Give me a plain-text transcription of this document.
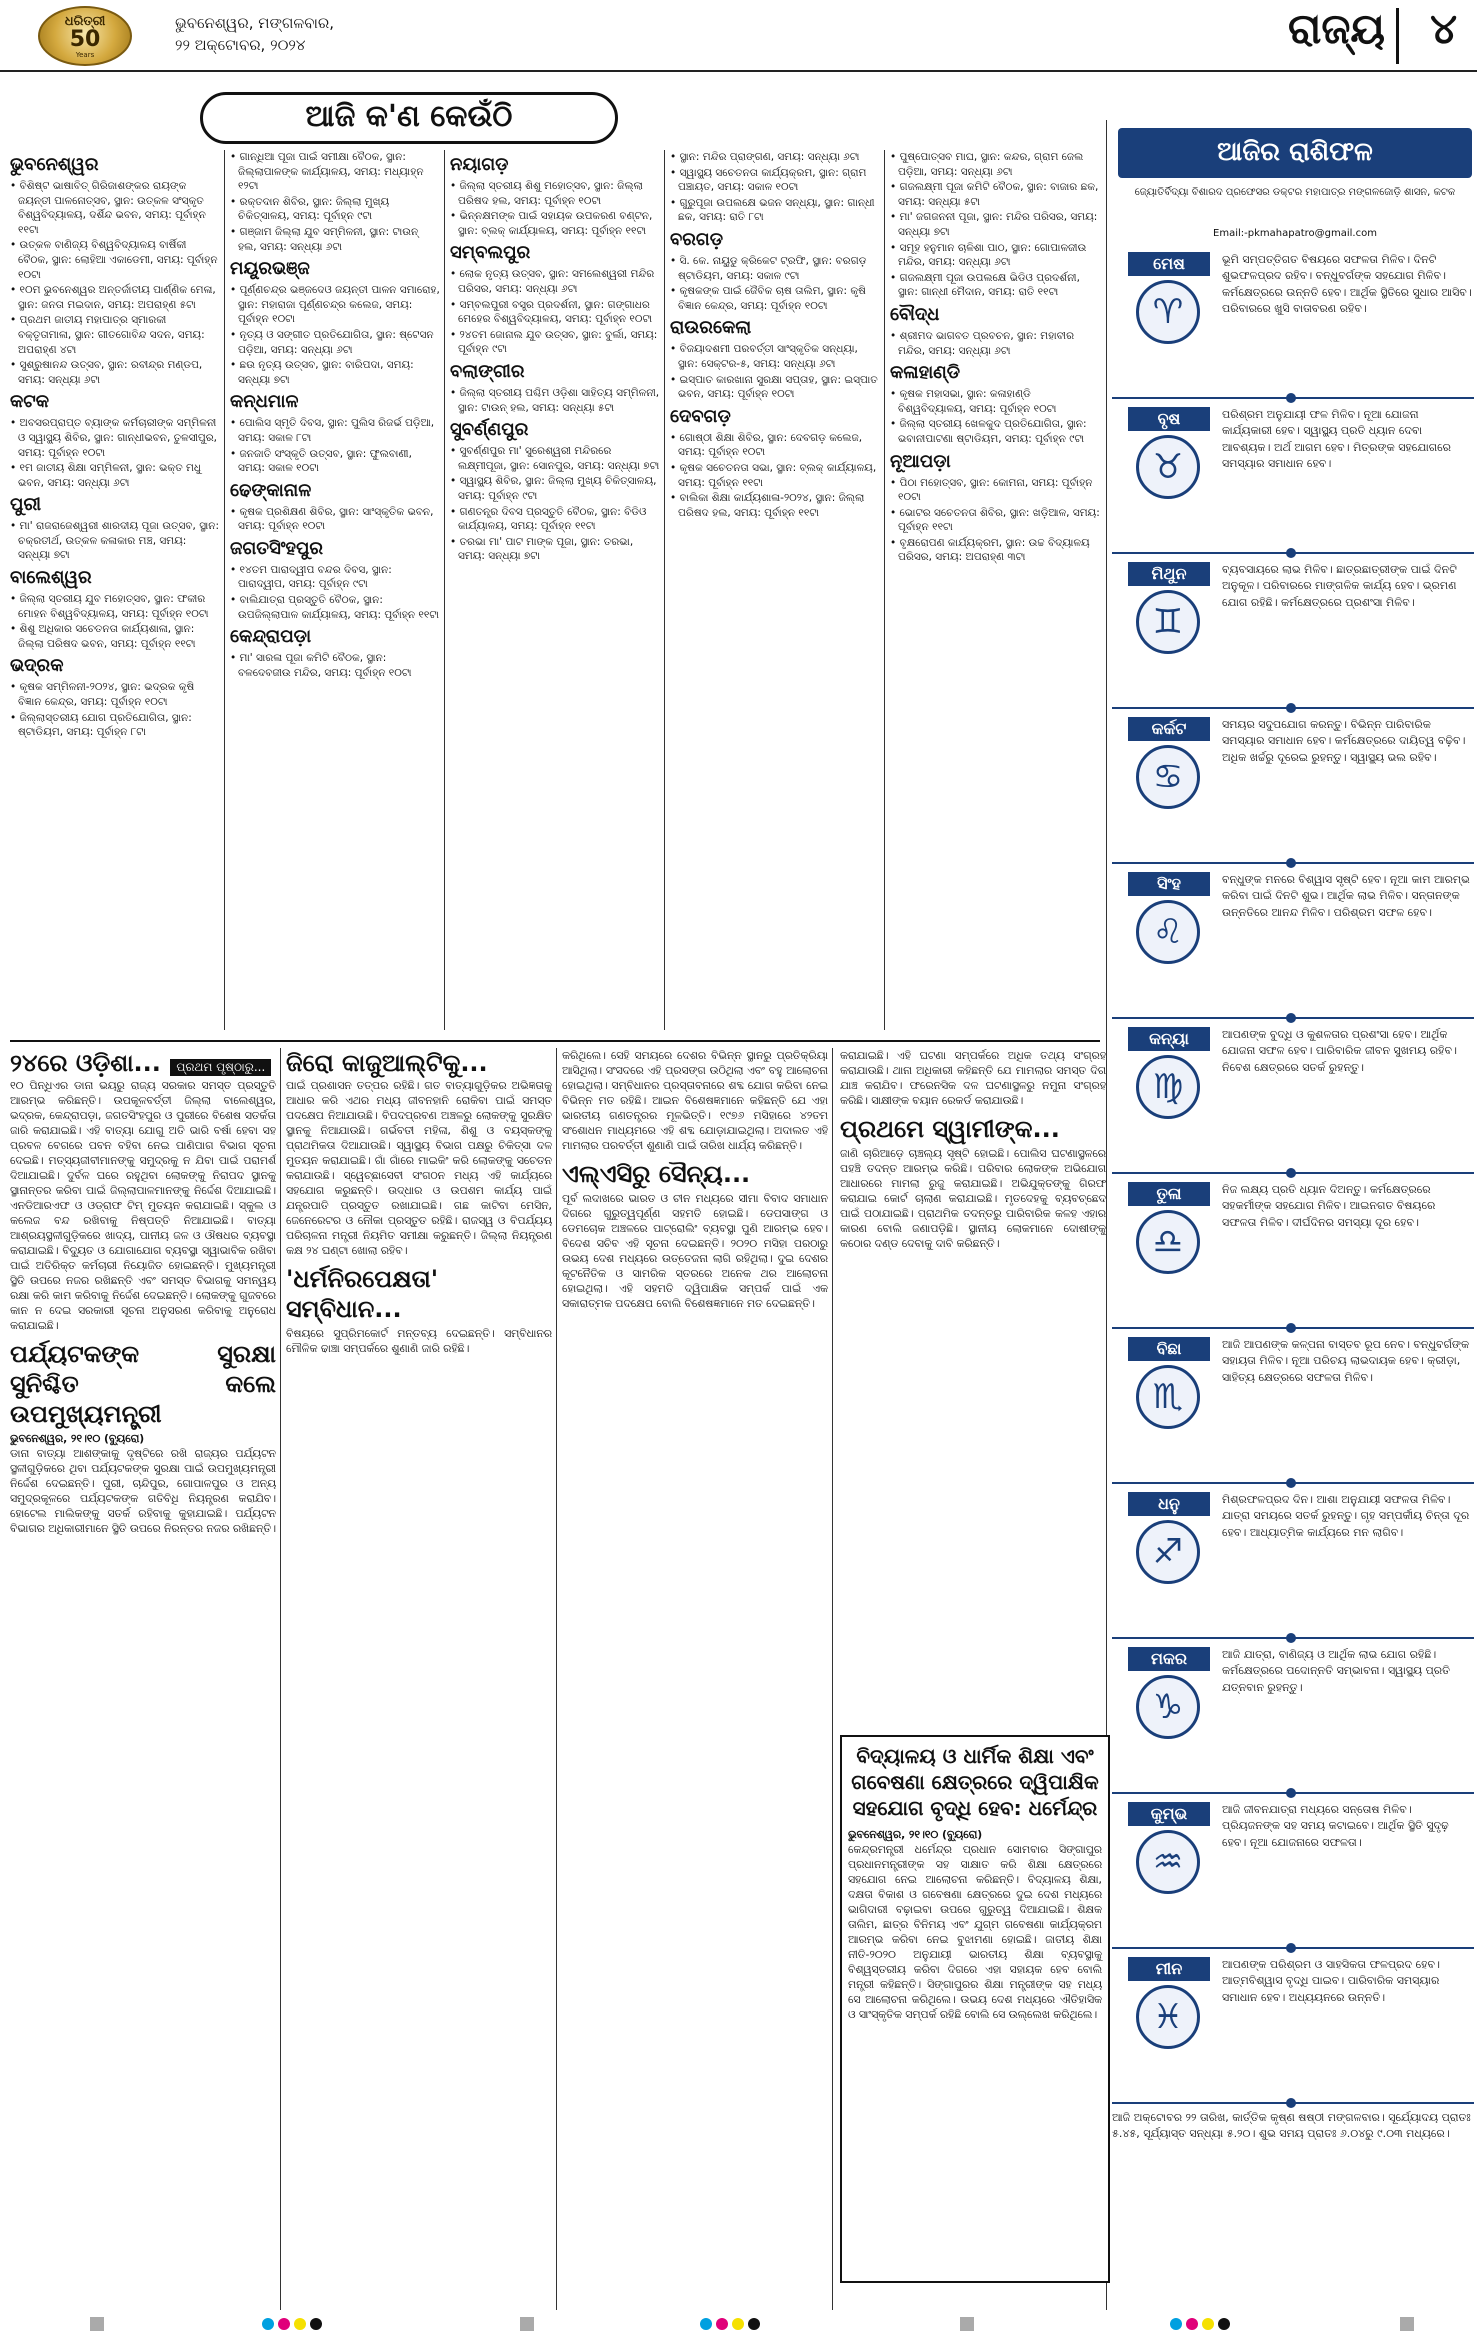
ଧରିତ୍ରୀ
50
Years
ଭୁବନେଶ୍ୱର, ମଙ୍ଗଳବାର,
୨୨ ଅକ୍ଟୋବର, ୨୦୨୪	ରାଜ୍ୟ ୪
ଆଜି କ'ଣ କେଉଁଠି
ଭୁବନେଶ୍ୱର
• ବିଶିଷ୍ଟ ଭାଷାବିତ୍ ଗିରିଜାଶଙ୍କର ରାୟଙ୍କ ଜୟନ୍ତୀ ପାଳନୋତ୍ସବ, ସ୍ଥାନ: ଉତ୍କଳ ସଂସ୍କୃତ ବିଶ୍ୱବିଦ୍ୟାଳୟ, ଦର୍ଶିନ୍ଦ ଭବନ, ସମୟ: ପୂର୍ବାହ୍ନ ୧୧ଟା
• ଉତ୍କଳ ବାଣିଜ୍ୟ ବିଶ୍ୱବିଦ୍ୟାଳୟ ବାର୍ଷିକୀ ବୈଠକ, ସ୍ଥାନ: ଲୋହିଆ ଏକାଡେମୀ, ସମୟ: ପୂର୍ବାହ୍ନ ୧୦ଟା
• ୧୦ମ ଭୁବନେଶ୍ୱର ଅନ୍ତର୍ଜାତୀୟ ପାର୍ଣ୍ଣିକ ମେଳା, ସ୍ଥାନ: ଜନତା ମଇଦାନ, ସମୟ: ଅପରାହ୍ଣ ୫ଟା
• ପ୍ରଥମ ଜାତୀୟ ମହାପାତ୍ର ସ୍ମାରକୀ ବକ୍ତୃତାମାଳା, ସ୍ଥାନ: ଗୀତଗୋବିନ୍ଦ ସଦନ, ସମୟ: ଅପରାହ୍ଣ ୪ଟା
• ସୁଶ୍ରୁଷାନନ୍ଦ ଉତ୍ସବ, ସ୍ଥାନ: ରବୀନ୍ଦ୍ର ମଣ୍ଡପ, ସମୟ: ସନ୍ଧ୍ୟା ୬ଟା
କଟକ
• ଅବସରପ୍ରାପ୍ତ ବ୍ୟାଙ୍କ କର୍ମଚାରୀଙ୍କ ସମ୍ମିଳନୀ ଓ ସ୍ୱାସ୍ଥ୍ୟ ଶିବିର, ସ୍ଥାନ: ଗାନ୍ଧୀଭବନ, ତୁଳସୀପୁର, ସମୟ: ପୂର୍ବାହ୍ନ ୧୦ଟା
• ୧ମ ଜାତୀୟ ଶିକ୍ଷା ସମ୍ମିଳନୀ, ସ୍ଥାନ: ଭକ୍ତ ମଧୁ ଭବନ, ସମୟ: ସନ୍ଧ୍ୟା ୬ଟା
ପୁରୀ
• ମା' ରାଜରାଜେଶ୍ୱରୀ ଶାରଦୀୟ ପୂଜା ଉତ୍ସବ, ସ୍ଥାନ: ଚକ୍ରତୀର୍ଥ, ଉତ୍କଳ କଳାକାର ମଞ୍ଚ, ସମୟ: ସନ୍ଧ୍ୟା ୭ଟା
ବାଲେଶ୍ୱର
• ଜିଲ୍ଲା ସ୍ତରୀୟ ଯୁବ ମହୋତ୍ସବ, ସ୍ଥାନ: ଫକୀର ମୋହନ ବିଶ୍ୱବିଦ୍ୟାଳୟ, ସମୟ: ପୂର୍ବାହ୍ନ ୧୦ଟା
• ଶିଶୁ ଅଧିକାର ସଚେତନତା କାର୍ଯ୍ୟଶାଳା, ସ୍ଥାନ: ଜିଲ୍ଲା ପରିଷଦ ଭବନ, ସମୟ: ପୂର୍ବାହ୍ନ ୧୧ଟା
ଭଦ୍ରକ
• କୃଷକ ସମ୍ମିଳନୀ-୨୦୨୪, ସ୍ଥାନ: ଭଦ୍ରକ କୃଷି ବିଜ୍ଞାନ କେନ୍ଦ୍ର, ସମୟ: ପୂର୍ବାହ୍ନ ୧୦ଟା
• ଜିଲ୍ଲାସ୍ତରୀୟ ଯୋଗ ପ୍ରତିଯୋଗିତା, ସ୍ଥାନ: ଷ୍ଟାଡିୟମ, ସମୟ: ପୂର୍ବାହ୍ନ ୮ଟା
• ଗାନ୍ଧିଆ ପୂଜା ପାଇଁ ସମୀକ୍ଷା ବୈଠକ, ସ୍ଥାନ: ଜିଲ୍ଲାପାଳଙ୍କ କାର୍ଯ୍ୟାଳୟ, ସମୟ: ମଧ୍ୟାହ୍ନ ୧୨ଟା
• ରକ୍ତଦାନ ଶିବିର, ସ୍ଥାନ: ଜିଲ୍ଲା ମୁଖ୍ୟ ଚିକିତ୍ସାଳୟ, ସମୟ: ପୂର୍ବାହ୍ନ ୯ଟା
• ଗଞ୍ଜାମ ଜିଲ୍ଲା ଯୁବ ସମ୍ମିଳନୀ, ସ୍ଥାନ: ଟାଉନ୍ ହଲ, ସମୟ: ସନ୍ଧ୍ୟା ୬ଟା
ମୟୂରଭଞ୍ଜ
• ପୂର୍ଣ୍ଣଚନ୍ଦ୍ର ଭଞ୍ଜଦେଓ ଜୟନ୍ତୀ ପାଳନ ସମାରୋହ, ସ୍ଥାନ: ମହାରାଜା ପୂର୍ଣ୍ଣଚନ୍ଦ୍ର କଲେଜ, ସମୟ: ପୂର୍ବାହ୍ନ ୧୦ଟା
• ନୃତ୍ୟ ଓ ସଙ୍ଗୀତ ପ୍ରତିଯୋଗିତା, ସ୍ଥାନ: ଷ୍ଟେସନ ପଡ଼ିଆ, ସମୟ: ସନ୍ଧ୍ୟା ୬ଟା
• ଛଉ ନୃତ୍ୟ ଉତ୍ସବ, ସ୍ଥାନ: ବାରିପଦା, ସମୟ: ସନ୍ଧ୍ୟା ୭ଟା
କନ୍ଧମାଳ
• ପୋଲିସ ସ୍ମୃତି ଦିବସ, ସ୍ଥାନ: ପୁଲିସ ରିଜର୍ଭ ପଡ଼ିଆ, ସମୟ: ସକାଳ ୮ଟା
• ଜନଜାତି ସଂସ୍କୃତି ଉତ୍ସବ, ସ୍ଥାନ: ଫୁଲବାଣୀ, ସମୟ: ସକାଳ ୧୦ଟା
ଢେଙ୍କାନାଳ
• କୃଷକ ପ୍ରଶିକ୍ଷଣ ଶିବିର, ସ୍ଥାନ: ସାଂସ୍କୃତିକ ଭବନ, ସମୟ: ପୂର୍ବାହ୍ନ ୧୦ଟା
ଜଗତସିଂହପୁର
• ୧୪ତମ ପାରାଦ୍ୱୀପ ବନ୍ଦର ଦିବସ, ସ୍ଥାନ: ପାରାଦ୍ୱୀପ, ସମୟ: ପୂର୍ବାହ୍ନ ୯ଟା
• ବାଲିଯାତ୍ରା ପ୍ରସ୍ତୁତି ବୈଠକ, ସ୍ଥାନ: ଉପଜିଲ୍ଲାପାଳ କାର୍ଯ୍ୟାଳୟ, ସମୟ: ପୂର୍ବାହ୍ନ ୧୧ଟା
କେନ୍ଦ୍ରାପଡ଼ା
• ମା' ସାରଳା ପୂଜା କମିଟି ବୈଠକ, ସ୍ଥାନ: ବଳଦେବଜୀଉ ମନ୍ଦିର, ସମୟ: ପୂର୍ବାହ୍ନ ୧୦ଟା
ନୟାଗଡ଼
• ଜିଲ୍ଲା ସ୍ତରୀୟ ଶିଶୁ ମହୋତ୍ସବ, ସ୍ଥାନ: ଜିଲ୍ଲା ପରିଷଦ ହଲ, ସମୟ: ପୂର୍ବାହ୍ନ ୧୦ଟା
• ଭିନ୍ନକ୍ଷମଙ୍କ ପାଇଁ ସହାୟକ ଉପକରଣ ବଣ୍ଟନ, ସ୍ଥାନ: ବ୍ଲକ୍ କାର୍ଯ୍ୟାଳୟ, ସମୟ: ପୂର୍ବାହ୍ନ ୧୧ଟା
ସମ୍ବଲପୁର
• ଲୋକ ନୃତ୍ୟ ଉତ୍ସବ, ସ୍ଥାନ: ସମଲେଶ୍ୱରୀ ମନ୍ଦିର ପରିସର, ସମୟ: ସନ୍ଧ୍ୟା ୬ଟା
• ସମ୍ବଲପୁରୀ ବସ୍ତ୍ର ପ୍ରଦର୍ଶନୀ, ସ୍ଥାନ: ଗଙ୍ଗାଧର ମେହେର ବିଶ୍ୱବିଦ୍ୟାଳୟ, ସମୟ: ପୂର୍ବାହ୍ନ ୧୦ଟା
• ୨୪ତମ ଜୋନାଲ ଯୁବ ଉତ୍ସବ, ସ୍ଥାନ: ବୁର୍ଲା, ସମୟ: ପୂର୍ବାହ୍ନ ୯ଟା
ବଲାଙ୍ଗୀର
• ଜିଲ୍ଲା ସ୍ତରୀୟ ପଶ୍ଚିମ ଓଡ଼ିଶା ସାହିତ୍ୟ ସମ୍ମିଳନୀ, ସ୍ଥାନ: ଟାଉନ୍ ହଲ, ସମୟ: ସନ୍ଧ୍ୟା ୫ଟା
ସୁବର୍ଣ୍ଣପୁର
• ସୁବର୍ଣ୍ଣପୁର ମା' ସୁରେଶ୍ୱରୀ ମନ୍ଦିରରେ ଲକ୍ଷ୍ମୀପୂଜା, ସ୍ଥାନ: ସୋନପୁର, ସମୟ: ସନ୍ଧ୍ୟା ୭ଟା
• ସ୍ୱାସ୍ଥ୍ୟ ଶିବିର, ସ୍ଥାନ: ଜିଲ୍ଲା ମୁଖ୍ୟ ଚିକିତ୍ସାଳୟ, ସମୟ: ପୂର୍ବାହ୍ନ ୯ଟା
• ଗଣତନ୍ତ୍ର ଦିବସ ପ୍ରସ୍ତୁତି ବୈଠକ, ସ୍ଥାନ: ବିଡିଓ କାର୍ଯ୍ୟାଳୟ, ସମୟ: ପୂର୍ବାହ୍ନ ୧୧ଟା
• ତରଭା ମା' ପାଟ ମାଙ୍କ ପୂଜା, ସ୍ଥାନ: ତରଭା, ସମୟ: ସନ୍ଧ୍ୟା ୭ଟା
• ସ୍ଥାନ: ମନ୍ଦିର ପ୍ରାଙ୍ଗଣ, ସମୟ: ସନ୍ଧ୍ୟା ୬ଟା
• ସ୍ୱାସ୍ଥ୍ୟ ସଚେତନତା କାର୍ଯ୍ୟକ୍ରମ, ସ୍ଥାନ: ଗ୍ରାମ ପଞ୍ଚାୟତ, ସମୟ: ସକାଳ ୧୦ଟା
• ଗୁରୁପୂଜା ଉପଲକ୍ଷେ ଭଜନ ସନ୍ଧ୍ୟା, ସ୍ଥାନ: ଗାନ୍ଧୀ ଛକ, ସମୟ: ରାତି ୮ଟା
ବରଗଡ଼
• ସି. କେ. ନାୟୁଡୁ କ୍ରିକେଟ ଟ୍ରଫି, ସ୍ଥାନ: ବରଗଡ଼ ଷ୍ଟାଡିୟମ, ସମୟ: ସକାଳ ୯ଟା
• କୃଷକଙ୍କ ପାଇଁ ଜୈବିକ ଚାଷ ତାଲିମ, ସ୍ଥାନ: କୃଷି ବିଜ୍ଞାନ କେନ୍ଦ୍ର, ସମୟ: ପୂର୍ବାହ୍ନ ୧୦ଟା
ରାଉରକେଲା
• ବିଜୟାଦଶମୀ ପରବର୍ତ୍ତୀ ସାଂସ୍କୃତିକ ସନ୍ଧ୍ୟା, ସ୍ଥାନ: ସେକ୍ଟର-୫, ସମୟ: ସନ୍ଧ୍ୟା ୬ଟା
• ଇସ୍ପାତ କାରଖାନା ସୁରକ୍ଷା ସପ୍ତାହ, ସ୍ଥାନ: ଇସ୍ପାତ ଭବନ, ସମୟ: ପୂର୍ବାହ୍ନ ୧୦ଟା
ଦେବଗଡ଼
• ଗୋଷ୍ଠୀ ଶିକ୍ଷା ଶିବିର, ସ୍ଥାନ: ଦେବଗଡ଼ କଲେଜ, ସମୟ: ପୂର୍ବାହ୍ନ ୧୦ଟା
• କୃଷକ ସଚେତନତା ସଭା, ସ୍ଥାନ: ବ୍ଲକ୍ କାର୍ଯ୍ୟାଳୟ, ସମୟ: ପୂର୍ବାହ୍ନ ୧୧ଟା
• ବାଲିକା ଶିକ୍ଷା କାର୍ଯ୍ୟଶାଳା-୨୦୨୪, ସ୍ଥାନ: ଜିଲ୍ଲା ପରିଷଦ ହଲ, ସମୟ: ପୂର୍ବାହ୍ନ ୧୧ଟା
• ପୁଷ୍ପୋତ୍ସବ ମାଘ, ସ୍ଥାନ: କନ୍ଦର, ଗ୍ରାମ ଜେଲ ପଡ଼ିଆ, ସମୟ: ସନ୍ଧ୍ୟା ୬ଟା
• ଗଜଲକ୍ଷ୍ମୀ ପୂଜା କମିଟି ବୈଠକ, ସ୍ଥାନ: ବାଜାର ଛକ, ସମୟ: ସନ୍ଧ୍ୟା ୫ଟା
• ମା' ଜଗଜନନୀ ପୂଜା, ସ୍ଥାନ: ମନ୍ଦିର ପରିସର, ସମୟ: ସନ୍ଧ୍ୟା ୭ଟା
• ସମୂହ ହନୁମାନ ଚାଳିଶା ପାଠ, ସ୍ଥାନ: ଗୋପାଳଜୀଉ ମନ୍ଦିର, ସମୟ: ସନ୍ଧ୍ୟା ୬ଟା
• ଗଜଲକ୍ଷ୍ମୀ ପୂଜା ଉପଲକ୍ଷେ ଭିଡିଓ ପ୍ରଦର୍ଶନୀ, ସ୍ଥାନ: ଗାନ୍ଧୀ ମୈଦାନ, ସମୟ: ରାତି ୧୧ଟା
ବୌଦ୍ଧ
• ଶ୍ରୀମଦ ଭାଗବତ ପ୍ରବଚନ, ସ୍ଥାନ: ମହାବୀର ମନ୍ଦିର, ସମୟ: ସନ୍ଧ୍ୟା ୬ଟା
କଳାହାଣ୍ଡି
• କୃଷକ ମହାସଭା, ସ୍ଥାନ: କଳାହାଣ୍ଡି ବିଶ୍ୱବିଦ୍ୟାଳୟ, ସମୟ: ପୂର୍ବାହ୍ନ ୧୦ଟା
• ଜିଲ୍ଲା ସ୍ତରୀୟ ଖେଳକୁଦ ପ୍ରତିଯୋଗିତା, ସ୍ଥାନ: ଭବାନୀପାଟଣା ଷ୍ଟାଡିୟମ, ସମୟ: ପୂର୍ବାହ୍ନ ୯ଟା
ନୂଆପଡ଼ା
• ପିଠା ମହୋତ୍ସବ, ସ୍ଥାନ: କୋମନା, ସମୟ: ପୂର୍ବାହ୍ନ ୧୦ଟା
• ଭୋଟର ସଚେତନତା ଶିବିର, ସ୍ଥାନ: ଖଡ଼ିଆଳ, ସମୟ: ପୂର୍ବାହ୍ନ ୧୧ଟା
• ବୃକ୍ଷରୋପଣ କାର୍ଯ୍ୟକ୍ରମ, ସ୍ଥାନ: ଉଚ୍ଚ ବିଦ୍ୟାଳୟ ପରିସର, ସମୟ: ଅପରାହ୍ଣ ୩ଟା
ଆଜିର ରାଶିଫଳ
ଜ୍ୟୋତିର୍ବିଦ୍ୟା ବିଶାରଦ ପ୍ରଫେସର ଡକ୍ଟର ମହାପାତ୍ର ମଙ୍ଗଳଜୋଡ଼ି ଶାସନ, କଟକ
Email:-pkmahapatro@gmail.com
ମେଷ
♈
ଭୂମି ସମ୍ପତ୍ତିଗତ ବିଷୟରେ ସଫଳତା ମିଳିବ। ଦିନଟି ଶୁଭଫଳପ୍ରଦ ରହିବ। ବନ୍ଧୁବର୍ଗଙ୍କ ସହଯୋଗ ମିଳିବ। କର୍ମକ୍ଷେତ୍ରରେ ଉନ୍ନତି ହେବ। ଆର୍ଥିକ ସ୍ଥିତିରେ ସୁଧାର ଆସିବ। ପରିବାରରେ ଖୁସି ବାତାବରଣ ରହିବ।
ବୃଷ
♉
ପରିଶ୍ରମ ଅନୁଯାୟୀ ଫଳ ମିଳିବ। ନୂଆ ଯୋଜନା କାର୍ଯ୍ୟକାରୀ ହେବ। ସ୍ୱାସ୍ଥ୍ୟ ପ୍ରତି ଧ୍ୟାନ ଦେବା ଆବଶ୍ୟକ। ଅର୍ଥ ଆଗମ ହେବ। ମିତ୍ରଙ୍କ ସହଯୋଗରେ ସମସ୍ୟାର ସମାଧାନ ହେବ।
ମିଥୁନ
♊
ବ୍ୟବସାୟରେ ଲାଭ ମିଳିବ। ଛାତ୍ରଛାତ୍ରୀଙ୍କ ପାଇଁ ଦିନଟି ଅନୁକୂଳ। ପରିବାରରେ ମାଙ୍ଗଳିକ କାର୍ଯ୍ୟ ହେବ। ଭ୍ରମଣ ଯୋଗ ରହିଛି। କର୍ମକ୍ଷେତ୍ରରେ ପ୍ରଶଂସା ମିଳିବ।
କର୍କଟ
♋
ସମୟର ସଦୁପଯୋଗ କରନ୍ତୁ। ବିଭିନ୍ନ ପାରିବାରିକ ସମସ୍ୟାର ସମାଧାନ ହେବ। କର୍ମକ୍ଷେତ୍ରରେ ଦାୟିତ୍ୱ ବଢ଼ିବ। ଅଧିକ ଖର୍ଚ୍ଚରୁ ଦୂରେଇ ରୁହନ୍ତୁ। ସ୍ୱାସ୍ଥ୍ୟ ଭଲ ରହିବ।
ସିଂହ
♌
ବନ୍ଧୁଙ୍କ ମନରେ ବିଶ୍ୱାସ ସୃଷ୍ଟି ହେବ। ନୂଆ କାମ ଆରମ୍ଭ କରିବା ପାଇଁ ଦିନଟି ଶୁଭ। ଆର୍ଥିକ ଲାଭ ମିଳିବ। ସନ୍ତାନଙ୍କ ଉନ୍ନତିରେ ଆନନ୍ଦ ମିଳିବ। ପରିଶ୍ରମ ସଫଳ ହେବ।
କନ୍ୟା
♍
ଆପଣଙ୍କ ବୁଦ୍ଧି ଓ କୁଶଳତାର ପ୍ରଶଂସା ହେବ। ଆର୍ଥିକ ଯୋଜନା ସଫଳ ହେବ। ପାରିବାରିକ ଜୀବନ ସୁଖମୟ ରହିବ। ନିବେଶ କ୍ଷେତ୍ରରେ ସତର୍କ ରୁହନ୍ତୁ।
ତୁଳା
♎
ନିଜ ଲକ୍ଷ୍ୟ ପ୍ରତି ଧ୍ୟାନ ଦିଅନ୍ତୁ। କର୍ମକ୍ଷେତ୍ରରେ ସହକର୍ମୀଙ୍କ ସହଯୋଗ ମିଳିବ। ଆଇନଗତ ବିଷୟରେ ସଫଳତା ମିଳିବ। ଦୀର୍ଘଦିନର ସମସ୍ୟା ଦୂର ହେବ।
ବିଛା
♏
ଆଜି ଆପଣଙ୍କ କଳ୍ପନା ବାସ୍ତବ ରୂପ ନେବ। ବନ୍ଧୁବର୍ଗଙ୍କ ସହାୟତା ମିଳିବ। ନୂଆ ପରିଚୟ ଲାଭଦାୟକ ହେବ। କ୍ରୀଡ଼ା, ସାହିତ୍ୟ କ୍ଷେତ୍ରରେ ସଫଳତା ମିଳିବ।
ଧନୁ
♐
ମିଶ୍ରଫଳପ୍ରଦ ଦିନ। ଆଶା ଅନୁଯାୟୀ ସଫଳତା ମିଳିବ। ଯାତ୍ରା ସମୟରେ ସତର୍କ ରୁହନ୍ତୁ। ଗୃହ ସମ୍ପର୍କୀୟ ଚିନ୍ତା ଦୂର ହେବ। ଆଧ୍ୟାତ୍ମିକ କାର୍ଯ୍ୟରେ ମନ ଲାଗିବ।
ମକର
♑
ଆଜି ଯାତ୍ରା, ବାଣିଜ୍ୟ ଓ ଆର୍ଥିକ ଲାଭ ଯୋଗ ରହିଛି। କର୍ମକ୍ଷେତ୍ରରେ ପଦୋନ୍ନତି ସମ୍ଭାବନା। ସ୍ୱାସ୍ଥ୍ୟ ପ୍ରତି ଯତ୍ନବାନ ରୁହନ୍ତୁ।
କୁମ୍ଭ
♒
ଆଜି ଜୀବନଯାତ୍ରା ମଧ୍ୟରେ ସନ୍ତୋଷ ମିଳିବ। ପ୍ରିୟଜନଙ୍କ ସହ ସମୟ କଟାଇବେ। ଆର୍ଥିକ ସ୍ଥିତି ସୁଦୃଢ଼ ହେବ। ନୂଆ ଯୋଜନାରେ ସଫଳତା।
ମୀନ
♓
ଆପଣଙ୍କ ପରିଶ୍ରମ ଓ ସାହସିକତା ଫଳପ୍ରଦ ହେବ। ଆତ୍ମବିଶ୍ୱାସ ବୃଦ୍ଧି ପାଇବ। ପାରିବାରିକ ସମସ୍ୟାର ସମାଧାନ ହେବ। ଅଧ୍ୟୟନରେ ଉନ୍ନତି।
ଆଜି ଅକ୍ଟୋବର ୨୨ ତାରିଖ, କାର୍ତ୍ତିକ କୃଷ୍ଣ ଷଷ୍ଠୀ ମଙ୍ଗଳବାର। ସୂର୍ଯ୍ୟୋଦୟ ପ୍ରାତଃ ୫.୪୫, ସୂର୍ଯ୍ୟାସ୍ତ ସନ୍ଧ୍ୟା ୫.୨୦। ଶୁଭ ସମୟ ପ୍ରାତଃ ୬.୦୪ରୁ ୯.୦୩ ମଧ୍ୟରେ।
୨୪ରେ ଓଡ଼ିଶା... ପ୍ରଥମ ପୃଷ୍ଠାରୁ...
୧୦ ପିନ୍ଧିଏର ଡାନା ଭୟରୁ ରାଜ୍ୟ ସରକାର ସମସ୍ତ ପ୍ରସ୍ତୁତି ଆରମ୍ଭ କରିଛନ୍ତି। ଉପକୂଳବର୍ତ୍ତୀ ଜିଲ୍ଲା ବାଲେଶ୍ୱର, ଭଦ୍ରକ, କେନ୍ଦ୍ରାପଡ଼ା, ଜଗତସିଂହପୁର ଓ ପୁରୀରେ ବିଶେଷ ସତର୍କତା ଜାରି କରାଯାଇଛି। ଏହି ବାତ୍ୟା ଯୋଗୁ ଅତି ଭାରି ବର୍ଷା ହେବା ସହ ପ୍ରବଳ ବେଗରେ ପବନ ବହିବା ନେଇ ପାଣିପାଗ ବିଭାଗ ସୂଚନା ଦେଇଛି। ମତ୍ସ୍ୟଜୀବୀମାନଙ୍କୁ ସମୁଦ୍ରକୁ ନ ଯିବା ପାଇଁ ପରାମର୍ଶ ଦିଆଯାଇଛି। ଦୁର୍ବଳ ଘରେ ରହୁଥିବା ଲୋକଙ୍କୁ ନିରାପଦ ସ୍ଥାନକୁ ସ୍ଥାନାନ୍ତର କରିବା ପାଇଁ ଜିଲ୍ଲାପାଳମାନଙ୍କୁ ନିର୍ଦ୍ଦେଶ ଦିଆଯାଇଛି। ଏନଡିଆରଏଫ ଓ ଓଡ୍ରାଫ ଟିମ୍ ମୁତୟନ କରାଯାଇଛି। ସ୍କୁଲ ଓ କଲେଜ ବନ୍ଦ ରଖିବାକୁ ନିଷ୍ପତ୍ତି ନିଆଯାଇଛି। ବାତ୍ୟା ଆଶ୍ରୟସ୍ଥଳୀଗୁଡ଼ିକରେ ଖାଦ୍ୟ, ପାନୀୟ ଜଳ ଓ ଔଷଧର ବ୍ୟବସ୍ଥା କରାଯାଇଛି। ବିଦ୍ୟୁତ ଓ ଯୋଗାଯୋଗ ବ୍ୟବସ୍ଥା ସ୍ୱାଭାବିକ ରଖିବା ପାଇଁ ଅତିରିକ୍ତ କର୍ମଚାରୀ ନିୟୋଜିତ ହୋଇଛନ୍ତି। ମୁଖ୍ୟମନ୍ତ୍ରୀ ସ୍ଥିତି ଉପରେ ନଜର ରଖିଛନ୍ତି ଏବଂ ସମସ୍ତ ବିଭାଗକୁ ସମନ୍ୱୟ ରକ୍ଷା କରି କାମ କରିବାକୁ ନିର୍ଦ୍ଦେଶ ଦେଇଛନ୍ତି। ଲୋକଙ୍କୁ ଗୁଜବରେ କାନ ନ ଦେଇ ସରକାରୀ ସୂଚନା ଅନୁସରଣ କରିବାକୁ ଅନୁରୋଧ କରାଯାଇଛି।
ପର୍ଯ୍ୟଟକଙ୍କ ସୁରକ୍ଷା ସୁନିଶ୍ଚିତ କଲେ ଉପମୁଖ୍ୟମନ୍ତ୍ରୀ
ଭୁବନେଶ୍ୱର, ୨୧।୧୦ (ବ୍ୟୁରୋ)
ଡାନା ବାତ୍ୟା ଆଶଙ୍କାକୁ ଦୃଷ୍ଟିରେ ରଖି ରାଜ୍ୟର ପର୍ଯ୍ୟଟନ ସ୍ଥଳୀଗୁଡ଼ିକରେ ଥିବା ପର୍ଯ୍ୟଟକଙ୍କ ସୁରକ୍ଷା ପାଇଁ ଉପମୁଖ୍ୟମନ୍ତ୍ରୀ ନିର୍ଦ୍ଦେଶ ଦେଇଛନ୍ତି। ପୁରୀ, ଚାନ୍ଦିପୁର, ଗୋପାଳପୁର ଓ ଅନ୍ୟ ସମୁଦ୍ରକୂଳରେ ପର୍ଯ୍ୟଟକଙ୍କ ଗତିବିଧି ନିୟନ୍ତ୍ରଣ କରାଯିବ। ହୋଟେଲ ମାଲିକଙ୍କୁ ସତର୍କ ରହିବାକୁ କୁହାଯାଇଛି। ପର୍ଯ୍ୟଟନ ବିଭାଗର ଅଧିକାରୀମାନେ ସ୍ଥିତି ଉପରେ ନିରନ୍ତର ନଜର ରଖିଛନ୍ତି।
ଜିରୋ କାଜୁଆଲ୍‌ଟିକୁ...
ପାଇଁ ପ୍ରଶାସନ ତତ୍ପର ରହିଛି। ଗତ ବାତ୍ୟାଗୁଡ଼ିକର ଅଭିଜ୍ଞତାକୁ ଆଧାର କରି ଏଥର ମଧ୍ୟ ଜୀବନହାନି ରୋକିବା ପାଇଁ ସମସ୍ତ ପଦକ୍ଷେପ ନିଆଯାଉଛି। ବିପଦପ୍ରବଣ ଅଞ୍ଚଳରୁ ଲୋକଙ୍କୁ ସୁରକ୍ଷିତ ସ୍ଥାନକୁ ନିଆଯାଉଛି। ଗର୍ଭବତୀ ମହିଳା, ଶିଶୁ ଓ ବୟସ୍କଙ୍କୁ ପ୍ରାଥମିକତା ଦିଆଯାଉଛି। ସ୍ୱାସ୍ଥ୍ୟ ବିଭାଗ ପକ୍ଷରୁ ଚିକିତ୍ସା ଦଳ ମୁତୟନ କରାଯାଇଛି। ଗାଁ ଗାଁରେ ମାଇକିଂ କରି ଲୋକଙ୍କୁ ସଚେତନ କରାଯାଉଛି। ସ୍ୱେଚ୍ଛାସେବୀ ସଂଗଠନ ମଧ୍ୟ ଏହି କାର୍ଯ୍ୟରେ ସହଯୋଗ କରୁଛନ୍ତି। ଉଦ୍ଧାର ଓ ଉପଶମ କାର୍ଯ୍ୟ ପାଇଁ ଯନ୍ତ୍ରପାତି ପ୍ରସ୍ତୁତ ରଖାଯାଇଛି। ଗଛ କାଟିବା ମେସିନ, ଜେନେରେଟର ଓ ନୌକା ପ୍ରସ୍ତୁତ ରହିଛି। ରାଜସ୍ୱ ଓ ବିପର୍ଯ୍ୟୟ ପରିଚାଳନା ମନ୍ତ୍ରୀ ନିୟମିତ ସମୀକ୍ଷା କରୁଛନ୍ତି। ଜିଲ୍ଲା ନିୟନ୍ତ୍ରଣ କକ୍ଷ ୨୪ ଘଣ୍ଟା ଖୋଲା ରହିବ।
'ଧର୍ମନିରପେକ୍ଷତା' ସମ୍ବିଧାନ...
ବିଷୟରେ ସୁପ୍ରିମକୋର୍ଟ ମନ୍ତବ୍ୟ ଦେଇଛନ୍ତି। ସମ୍ବିଧାନର ମୌଳିକ ଢାଞ୍ଚା ସମ୍ପର୍କରେ ଶୁଣାଣି ଜାରି ରହିଛି।
କରିଥିଲେ। ସେହି ସମୟରେ ଦେଶର ବିଭିନ୍ନ ସ୍ଥାନରୁ ପ୍ରତିକ୍ରିୟା ଆସିଥିଲା। ସଂସଦରେ ଏହି ପ୍ରସଙ୍ଗ ଉଠିଥିଲା ଏବଂ ବହୁ ଆଲୋଚନା ହୋଇଥିଲା। ସମ୍ବିଧାନର ପ୍ରସ୍ତାବନାରେ ଶବ୍ଦ ଯୋଗ କରିବା ନେଇ ବିଭିନ୍ନ ମତ ରହିଛି। ଆଇନ ବିଶେଷଜ୍ଞମାନେ କହିଛନ୍ତି ଯେ ଏହା ଭାରତୀୟ ଗଣତନ୍ତ୍ରର ମୂଳଭିତ୍ତି। ୧୯୭୬ ମସିହାରେ ୪୨ତମ ସଂଶୋଧନ ମାଧ୍ୟମରେ ଏହି ଶବ୍ଦ ଯୋଡ଼ାଯାଇଥିଲା। ଅଦାଲତ ଏହି ମାମଲାର ପରବର୍ତ୍ତୀ ଶୁଣାଣି ପାଇଁ ତାରିଖ ଧାର୍ଯ୍ୟ କରିଛନ୍ତି।
ଏଲ୍‌ଏସିରୁ ସୈନ୍ୟ...
ପୂର୍ବ ଲଦାଖରେ ଭାରତ ଓ ଚୀନ ମଧ୍ୟରେ ସୀମା ବିବାଦ ସମାଧାନ ଦିଗରେ ଗୁରୁତ୍ୱପୂର୍ଣ୍ଣ ସହମତି ହୋଇଛି। ଡେପସାଙ୍ଗ ଓ ଡେମଚୋକ ଅଞ୍ଚଳରେ ପାଟ୍ରୋଲିଂ ବ୍ୟବସ୍ଥା ପୁଣି ଆରମ୍ଭ ହେବ। ବିଦେଶ ସଚିବ ଏହି ସୂଚନା ଦେଇଛନ୍ତି। ୨୦୨୦ ମସିହା ପରଠାରୁ ଉଭୟ ଦେଶ ମଧ୍ୟରେ ଉତ୍ତେଜନା ଲାଗି ରହିଥିଲା। ଦୁଇ ଦେଶର କୂଟନୈତିକ ଓ ସାମରିକ ସ୍ତରରେ ଅନେକ ଥର ଆଲୋଚନା ହୋଇଥିଲା। ଏହି ସହମତି ଦ୍ୱିପାକ୍ଷିକ ସମ୍ପର୍କ ପାଇଁ ଏକ ସକାରାତ୍ମକ ପଦକ୍ଷେପ ବୋଲି ବିଶେଷଜ୍ଞମାନେ ମତ ଦେଇଛନ୍ତି।
କରାଯାଇଛି। ଏହି ଘଟଣା ସମ୍ପର୍କରେ ଅଧିକ ତଥ୍ୟ ସଂଗ୍ରହ କରାଯାଉଛି। ଥାନା ଅଧିକାରୀ କହିଛନ୍ତି ଯେ ମାମଲାର ସମସ୍ତ ଦିଗ ଯାଞ୍ଚ କରାଯିବ। ଫରେନସିକ ଦଳ ଘଟଣାସ୍ଥଳରୁ ନମୁନା ସଂଗ୍ରହ କରିଛି। ସାକ୍ଷୀଙ୍କ ବୟାନ ରେକର୍ଡ କରାଯାଉଛି।
ପ୍ରଥମେ ସ୍ୱାମୀଙ୍କ...
ଜାଣି ଚାରିଆଡ଼େ ଚାଞ୍ଚଲ୍ୟ ସୃଷ୍ଟି ହୋଇଛି। ପୋଲିସ ଘଟଣାସ୍ଥଳରେ ପହଞ୍ଚି ତଦନ୍ତ ଆରମ୍ଭ କରିଛି। ପରିବାର ଲୋକଙ୍କ ଅଭିଯୋଗ ଆଧାରରେ ମାମଲା ରୁଜୁ କରାଯାଇଛି। ଅଭିଯୁକ୍ତଙ୍କୁ ଗିରଫ କରାଯାଇ କୋର୍ଟ ଚାଲାଣ କରାଯାଇଛି। ମୃତଦେହକୁ ବ୍ୟବଚ୍ଛେଦ ପାଇଁ ପଠାଯାଇଛି। ପ୍ରାଥମିକ ତଦନ୍ତରୁ ପାରିବାରିକ କଳହ ଏହାର କାରଣ ବୋଲି ଜଣାପଡ଼ିଛି। ସ୍ଥାନୀୟ ଲୋକମାନେ ଦୋଷୀଙ୍କୁ କଠୋର ଦଣ୍ଡ ଦେବାକୁ ଦାବି କରିଛନ୍ତି।
ବିଦ୍ୟାଳୟ ଓ ଧାର୍ମିକ ଶିକ୍ଷା ଏବଂ ଗବେଷଣା କ୍ଷେତ୍ରରେ ଦ୍ୱିପାକ୍ଷିକ ସହଯୋଗ ବୃଦ୍ଧି ହେବ: ଧର୍ମେନ୍ଦ୍ର
ଭୁବନେଶ୍ୱର, ୨୧।୧୦ (ବ୍ୟୁରୋ)
କେନ୍ଦ୍ରମନ୍ତ୍ରୀ ଧର୍ମେନ୍ଦ୍ର ପ୍ରଧାନ ସୋମବାର ସିଙ୍ଗାପୁର ପ୍ରଧାନମନ୍ତ୍ରୀଙ୍କ ସହ ସାକ୍ଷାତ କରି ଶିକ୍ଷା କ୍ଷେତ୍ରରେ ସହଯୋଗ ନେଇ ଆଲୋଚନା କରିଛନ୍ତି। ବିଦ୍ୟାଳୟ ଶିକ୍ଷା, ଦକ୍ଷତା ବିକାଶ ଓ ଗବେଷଣା କ୍ଷେତ୍ରରେ ଦୁଇ ଦେଶ ମଧ୍ୟରେ ଭାଗିଦାରୀ ବଢ଼ାଇବା ଉପରେ ଗୁରୁତ୍ୱ ଦିଆଯାଇଛି। ଶିକ୍ଷକ ତାଲିମ, ଛାତ୍ର ବିନିମୟ ଏବଂ ଯୁଗ୍ମ ଗବେଷଣା କାର୍ଯ୍ୟକ୍ରମ ଆରମ୍ଭ କରିବା ନେଇ ବୁଝାମଣା ହୋଇଛି। ଜାତୀୟ ଶିକ୍ଷା ନୀତି-୨୦୨୦ ଅନୁଯାୟୀ ଭାରତୀୟ ଶିକ୍ଷା ବ୍ୟବସ୍ଥାକୁ ବିଶ୍ୱସ୍ତରୀୟ କରିବା ଦିଗରେ ଏହା ସହାୟକ ହେବ ବୋଲି ମନ୍ତ୍ରୀ କହିଛନ୍ତି। ସିଙ୍ଗାପୁରର ଶିକ୍ଷା ମନ୍ତ୍ରୀଙ୍କ ସହ ମଧ୍ୟ ସେ ଆଲୋଚନା କରିଥିଲେ। ଉଭୟ ଦେଶ ମଧ୍ୟରେ ଐତିହାସିକ ଓ ସାଂସ୍କୃତିକ ସମ୍ପର୍କ ରହିଛି ବୋଲି ସେ ଉଲ୍ଲେଖ କରିଥିଲେ।
